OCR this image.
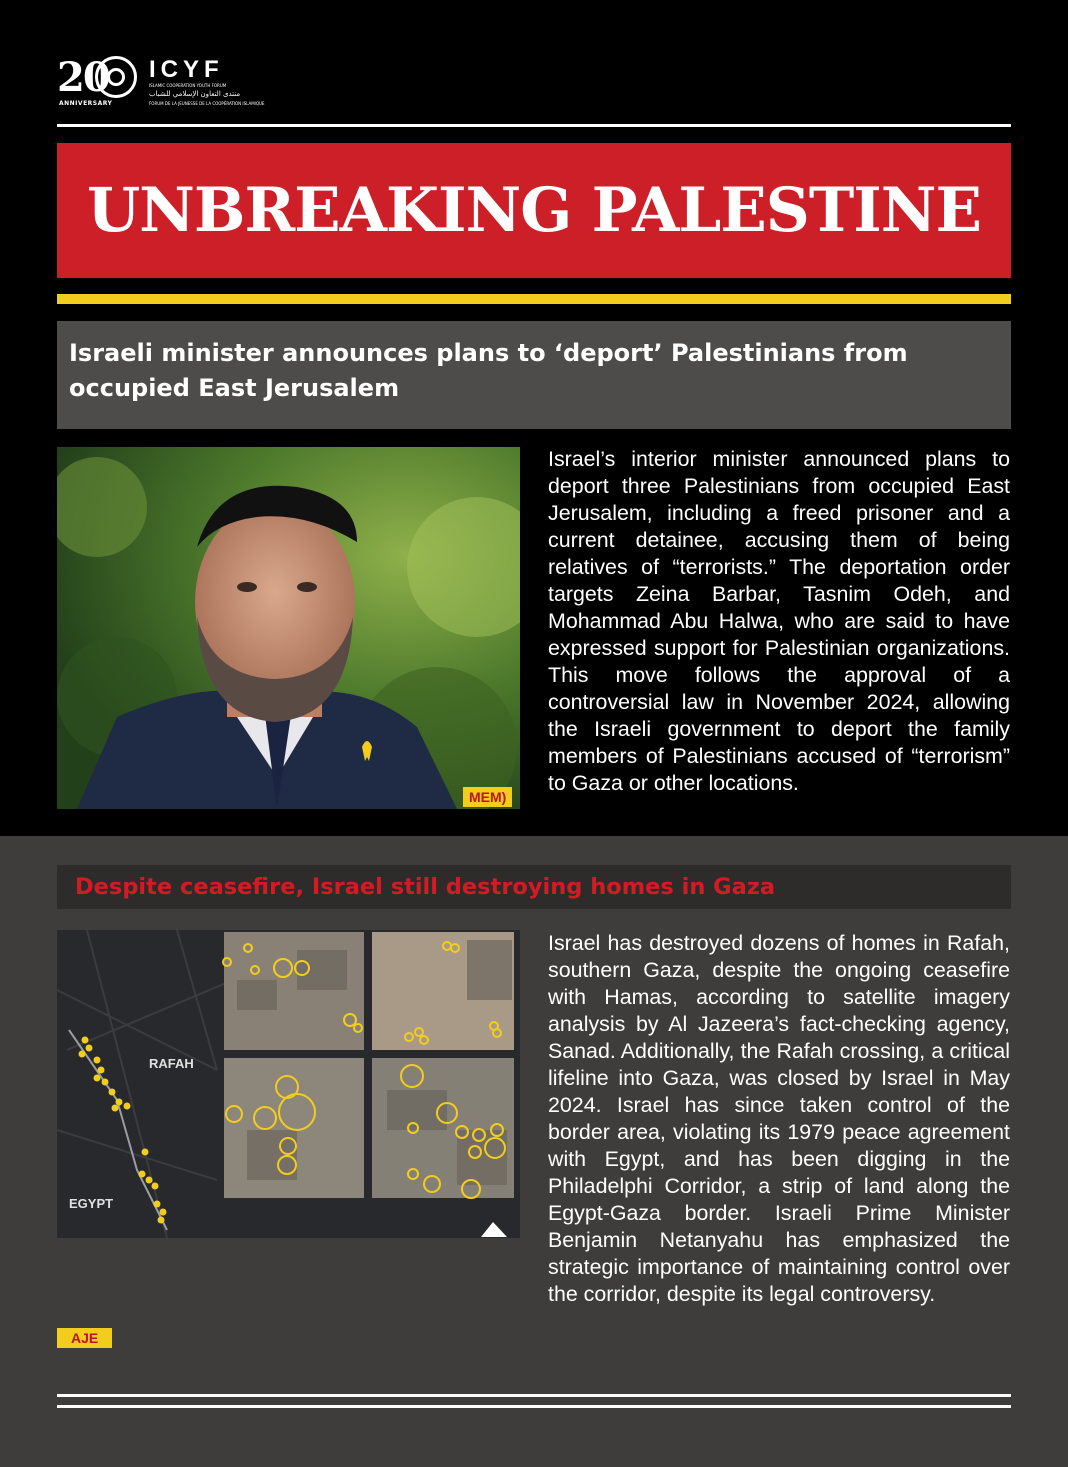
20
ANNIVERSARY
ICYF
ISLAMIC COOPERATION YOUTH FORUM
منتدى التعاون الإسلامي للشباب
FORUM DE LA JEUNESSE DE LA COOPÉRATION ISLAMIQUE
UNBREAKING PALESTINE
Israeli minister announces plans to ‘deport’ Palestinians from occupied East Jerusalem
MEM)

Israel’s interior minister announced plans to deport three Palestinians from occupied East Jerusalem, including a freed prisoner and a current detainee, accusing them of being relatives of “terrorists.” The deportation order targets Zeina Barbar, Tasnim Odeh, and Mohammad Abu Halwa, who are said to have expressed support for Palestinian organizations. This move follows the approval of a controversial law in November 2024, allowing the Israeli government to deport the family members of Palestinians accused of “terrorism” to Gaza or other locations.

Despite ceasefire, Israel still destroying homes in Gaza
RAFAH
EGYPT
AJE

Israel has destroyed dozens of homes in Rafah, southern Gaza, despite the ongoing ceasefire with Hamas, according to satellite imagery analysis by Al Jazeera’s fact-checking agency, Sanad. Additionally, the Rafah crossing, a critical lifeline into Gaza, was closed by Israel in May 2024. Israel has since taken control of the border area, violating its 1979 peace agreement with Egypt, and has been digging in the Philadelphi Corridor, a strip of land along the Egypt-Gaza border. Israeli Prime Minister Benjamin Netanyahu has emphasized the strategic importance of maintaining control over the corridor, despite its legal controversy.
